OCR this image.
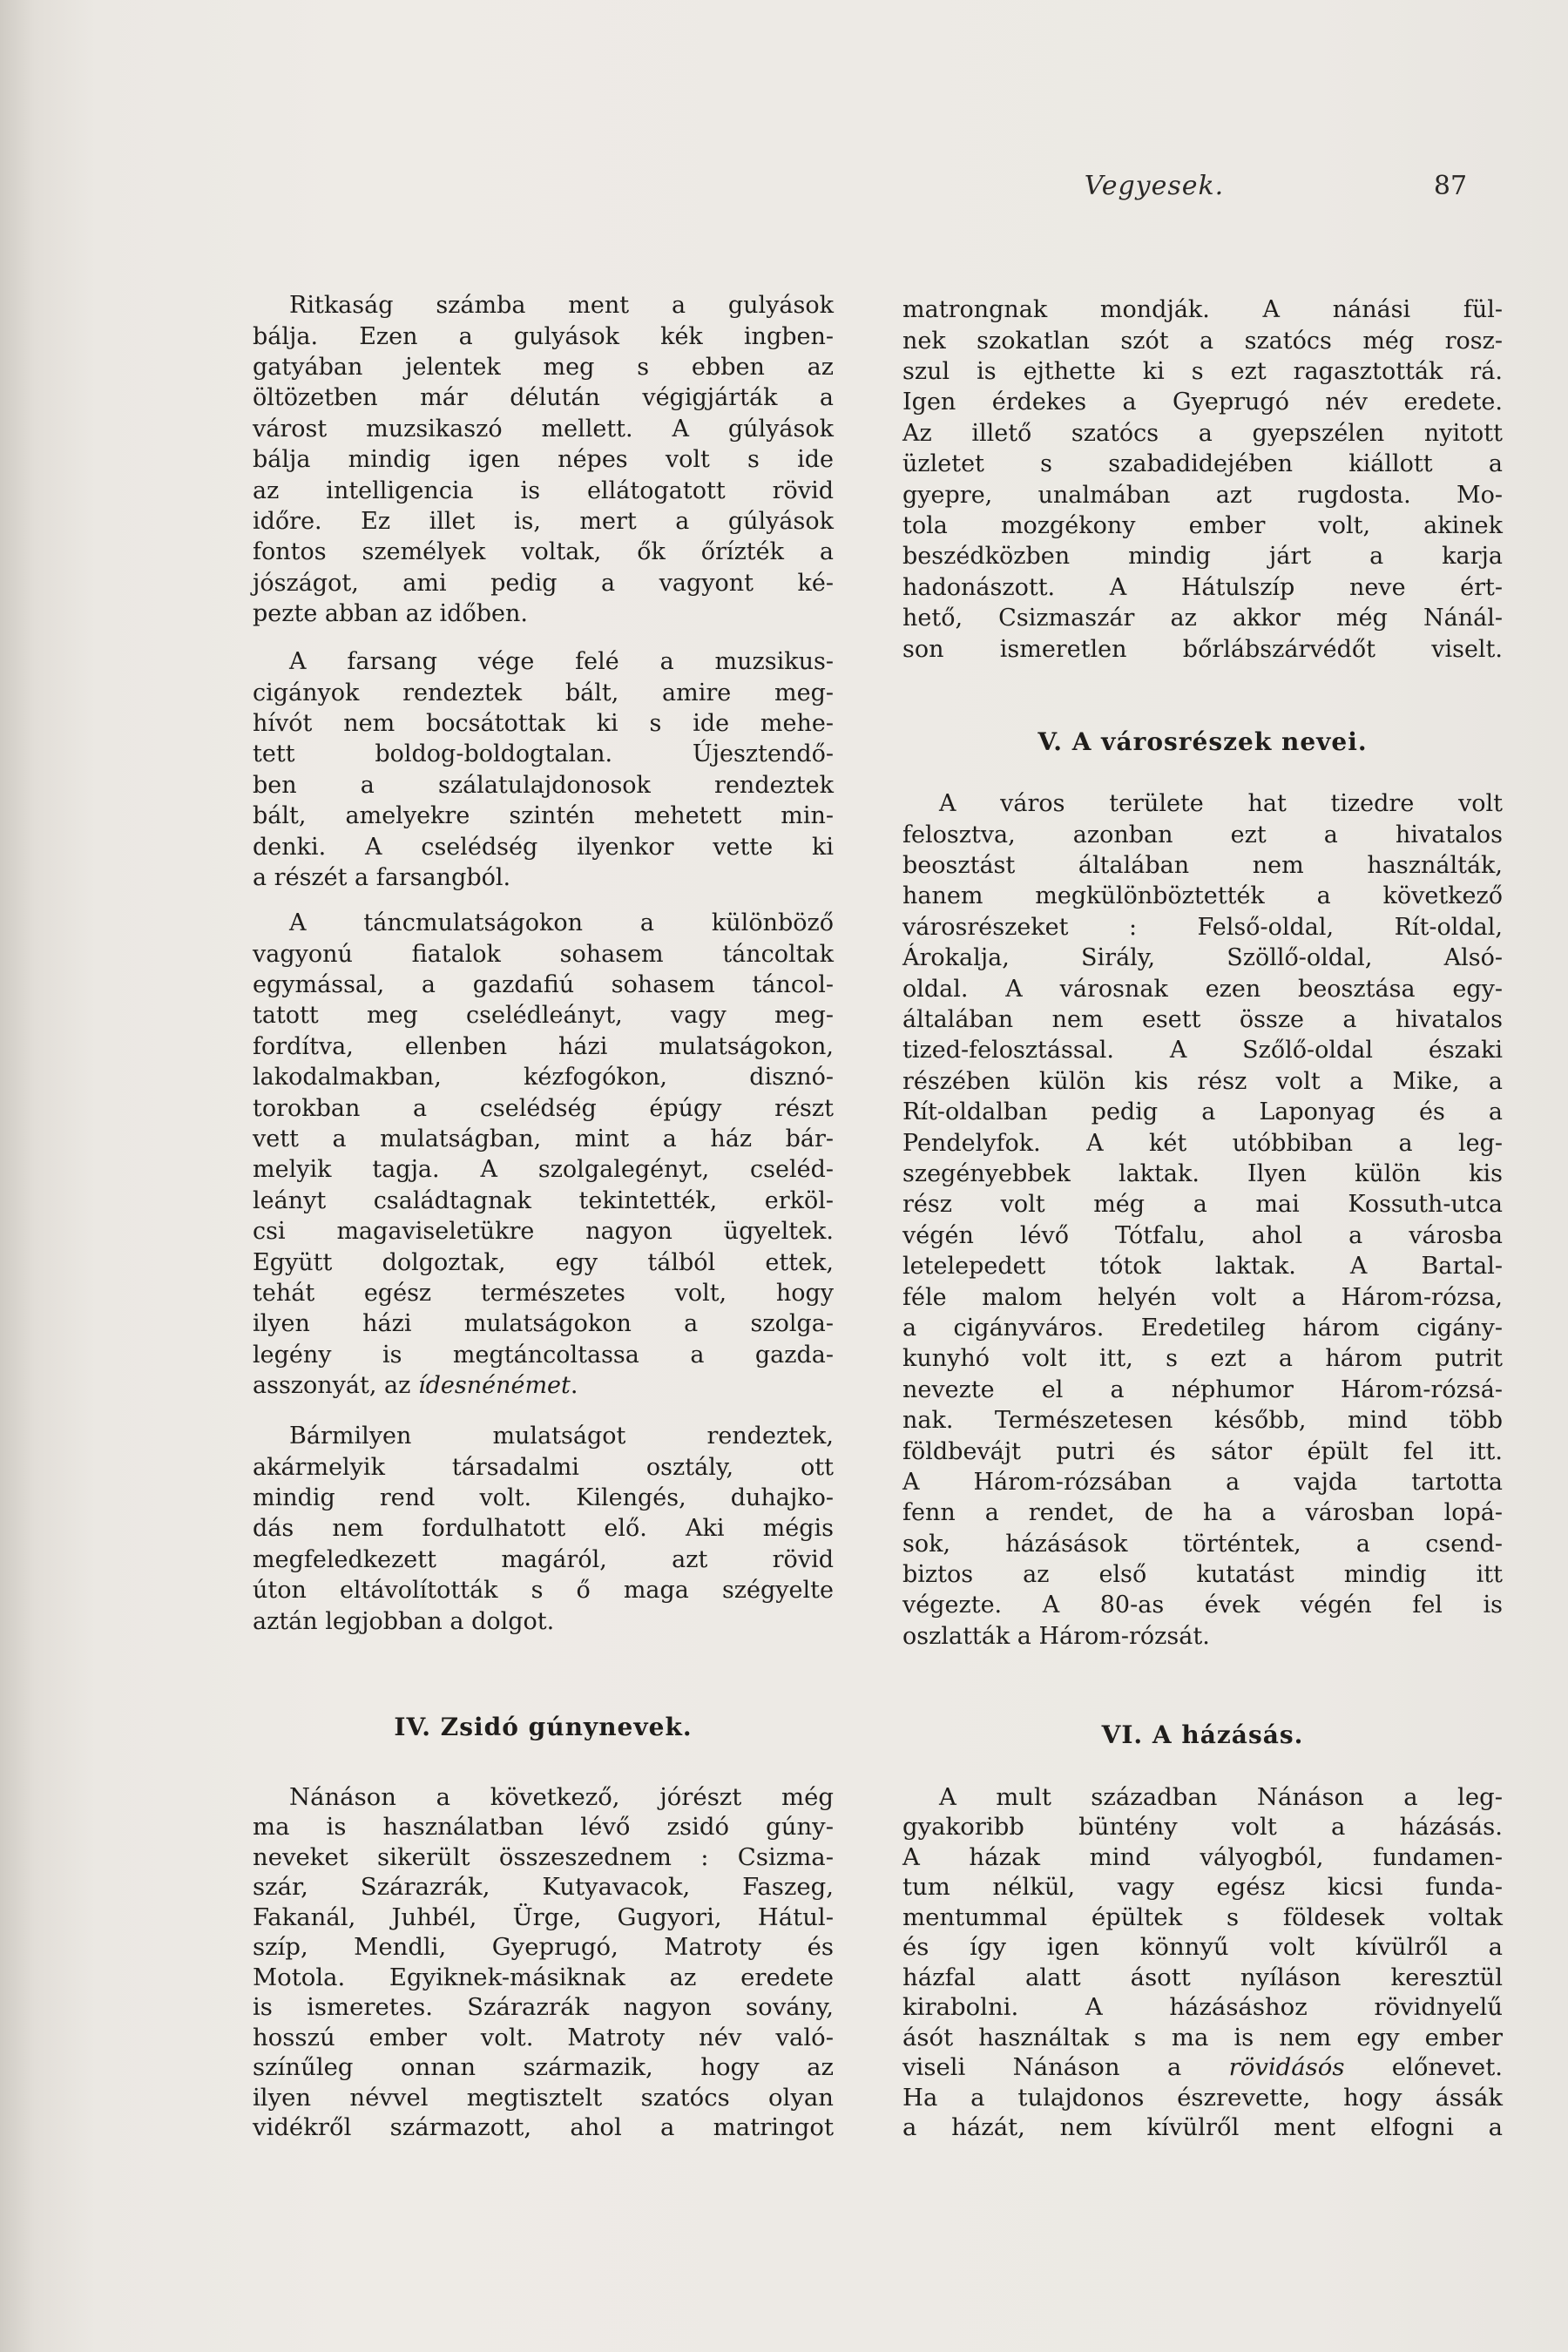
Vegyesek.	87
Ritkaság számba ment a gulyások
bálja. Ezen a gulyások kék ingben-
gatyában jelentek meg s ebben az
öltözetben már délután végigjárták a
várost muzsikaszó mellett. A gúlyások
bálja mindig igen népes volt s ide
az intelligencia is ellátogatott rövid
időre. Ez illet is, mert a gúlyások
fontos személyek voltak, ők őrízték a
jószágot, ami pedig a vagyont ké-
pezte abban az időben.
A farsang vége felé a muzsikus-
cigányok rendeztek bált, amire meg-
hívót nem bocsátottak ki s ide mehe-
tett boldog-boldogtalan. Újesztendő-
ben a szálatulajdonosok rendeztek
bált, amelyekre szintén mehetett min-
denki. A cselédség ilyenkor vette ki
a részét a farsangból.
A táncmulatságokon a különböző
vagyonú fiatalok sohasem táncoltak
egymással, a gazdafiú sohasem táncol-
tatott meg cselédleányt, vagy meg-
fordítva, ellenben házi mulatságokon,
lakodalmakban, kézfogókon, disznó-
torokban a cselédség épúgy részt
vett a mulatságban, mint a ház bár-
melyik tagja. A szolgalegényt, cseléd-
leányt családtagnak tekintették, erköl-
csi magaviseletükre nagyon ügyeltek.
Együtt dolgoztak, egy tálból ettek,
tehát egész természetes volt, hogy
ilyen házi mulatságokon a szolga-
legény is megtáncoltassa a gazda-
asszonyát, az ídesnénémet.
Bármilyen mulatságot rendeztek,
akármelyik társadalmi osztály, ott
mindig rend volt. Kilengés, duhajko-
dás nem fordulhatott elő. Aki mégis
megfeledkezett magáról, azt rövid
úton eltávolították s ő maga szégyelte
aztán legjobban a dolgot.
IV. Zsidó gúnynevek.
Nánáson a következő, jórészt még
ma is használatban lévő zsidó gúny-
neveket sikerült összeszednem : Csizma-
szár, Szárazrák, Kutyavacok, Faszeg,
Fakanál, Juhbél, Ürge, Gugyori, Hátul-
szíp, Mendli, Gyeprugó, Matroty és
Motola. Egyiknek-másiknak az eredete
is ismeretes. Szárazrák nagyon sovány,
hosszú ember volt. Matroty név való-
színűleg onnan származik, hogy az
ilyen névvel megtisztelt szatócs olyan
vidékről származott, ahol a matringot
matrongnak mondják. A nánási fül-
nek szokatlan szót a szatócs még rosz-
szul is ejthette ki s ezt ragasztották rá.
Igen érdekes a Gyeprugó név eredete.
Az illető szatócs a gyepszélen nyitott
üzletet s szabadidejében kiállott a
gyepre, unalmában azt rugdosta. Mo-
tola mozgékony ember volt, akinek
beszédközben mindig járt a karja
hadonászott. A Hátulszíp neve ért-
hető, Csizmaszár az akkor még Nánál-
son ismeretlen bőrlábszárvédőt viselt.
V. A városrészek nevei.
A város területe hat tizedre volt
felosztva, azonban ezt a hivatalos
beosztást általában nem használták,
hanem megkülönböztették a következő
városrészeket : Felső-oldal, Rít-oldal,
Árokalja, Sirály, Szöllő-oldal, Alsó-
oldal. A városnak ezen beosztása egy-
általában nem esett össze a hivatalos
tized-felosztással. A Szőlő-oldal északi
részében külön kis rész volt a Mike, a
Rít-oldalban pedig a Laponyag és a
Pendelyfok. A két utóbbiban a leg-
szegényebbek laktak. Ilyen külön kis
rész volt még a mai Kossuth-utca
végén lévő Tótfalu, ahol a városba
letelepedett tótok laktak. A Bartal-
féle malom helyén volt a Három-rózsa,
a cigányváros. Eredetileg három cigány-
kunyhó volt itt, s ezt a három putrit
nevezte el a néphumor Három-rózsá-
nak. Természetesen később, mind több
földbevájt putri és sátor épült fel itt.
A Három-rózsában a vajda tartotta
fenn a rendet, de ha a városban lopá-
sok, házásások történtek, a csend-
biztos az első kutatást mindig itt
végezte. A 80-as évek végén fel is
oszlatták a Három-rózsát.
VI. A házásás.
A mult században Nánáson a leg-
gyakoribb büntény volt a házásás.
A házak mind vályogból, fundamen-
tum nélkül, vagy egész kicsi funda-
mentummal épültek s földesek voltak
és így igen könnyű volt kívülről a
házfal alatt ásott nyíláson keresztül
kirabolni. A házásáshoz rövidnyelű
ásót használtak s ma is nem egy ember
viseli Nánáson a rövidásós előnevet.
Ha a tulajdonos észrevette, hogy ássák
a házát, nem kívülről ment elfogni a
